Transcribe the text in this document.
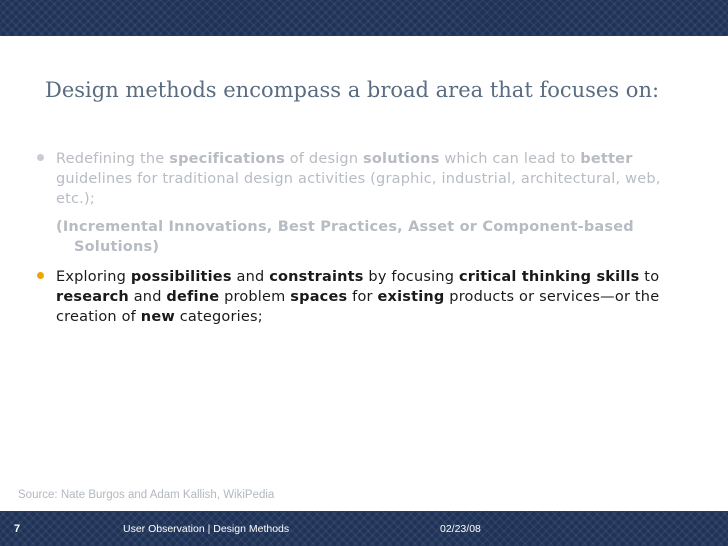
Design methods encompass a broad area that focuses on:
Redefining the specifications of design solutions which can lead to better guidelines for traditional design activities (graphic, industrial, architectural, web, etc.);
(Incremental Innovations, Best Practices, Asset or Component-based Solutions)
Exploring possibilities and constraints by focusing critical thinking skills to research and define problem spaces for existing products or services—or the creation of new categories;
Source: Nate Burgos and Adam Kallish, WikiPedia
7	User Observation | Design Methods	02/23/08
